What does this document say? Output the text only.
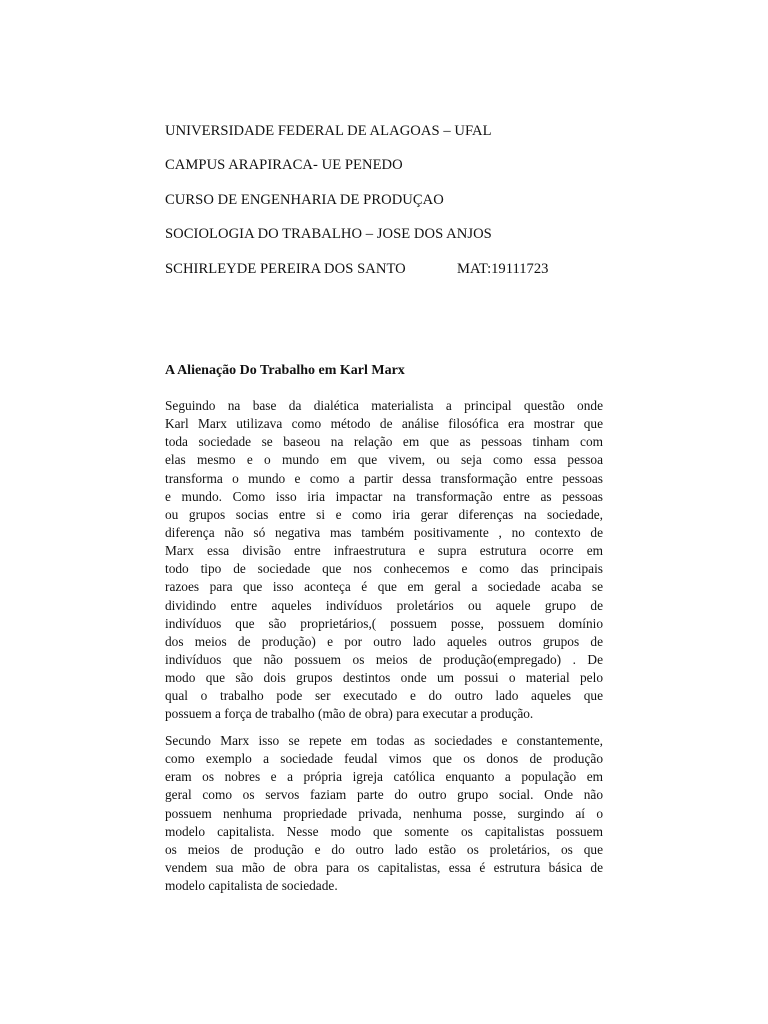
UNIVERSIDADE FEDERAL DE ALAGOAS – UFAL
CAMPUS ARAPIRACA- UE PENEDO
CURSO DE ENGENHARIA DE PRODUÇAO
SOCIOLOGIA DO TRABALHO – JOSE DOS ANJOS
SCHIRLEYDE PEREIRA DOS SANTO	MAT:19111723
A Alienação Do Trabalho em Karl Marx
Seguindo na base da dialética materialista a principal questão onde
Karl Marx utilizava como método de análise filosófica era mostrar que
toda sociedade se baseou na relação em que as pessoas tinham com
elas mesmo e o mundo em que vivem, ou seja como essa pessoa
transforma o mundo e como a partir dessa transformação entre pessoas
e mundo. Como isso iria impactar na transformação entre as pessoas
ou grupos socias entre si e como iria gerar diferenças na sociedade,
diferença não só negativa mas também positivamente , no contexto de
Marx essa divisão entre infraestrutura e supra estrutura ocorre em
todo tipo de sociedade que nos conhecemos e como das principais
razoes para que isso aconteça é que em geral a sociedade acaba se
dividindo entre aqueles indivíduos proletários ou aquele grupo de
indivíduos que são proprietários,( possuem posse, possuem domínio
dos meios de produção) e por outro lado aqueles outros grupos de
indivíduos que não possuem os meios de produção(empregado) . De
modo que são dois grupos destintos onde um possui o material pelo
qual o trabalho pode ser executado e do outro lado aqueles que
possuem a força de trabalho (mão de obra) para executar a produção.
Secundo Marx isso se repete em todas as sociedades e constantemente,
como exemplo a sociedade feudal vimos que os donos de produção
eram os nobres e a própria igreja católica enquanto a população em
geral como os servos faziam parte do outro grupo social. Onde não
possuem nenhuma propriedade privada, nenhuma posse, surgindo aí o
modelo capitalista. Nesse modo que somente os capitalistas possuem
os meios de produção e do outro lado estão os proletários, os que
vendem sua mão de obra para os capitalistas, essa é estrutura básica de
modelo capitalista de sociedade.
